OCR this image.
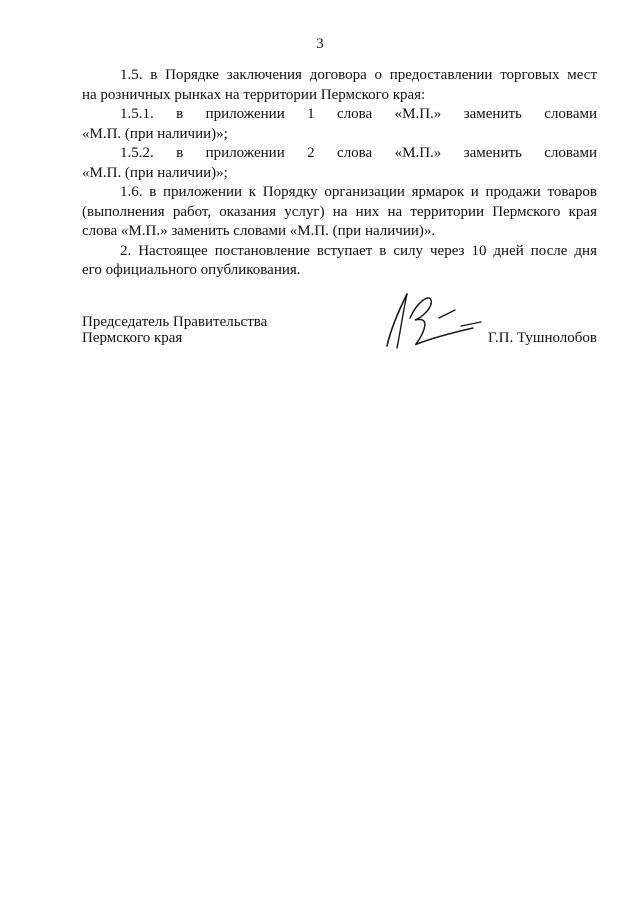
3

1.5. в Порядке заключения договора о предоставлении торговых мест

на розничных рынках на территории Пермского края:

1.5.1. в приложении 1 слова «М.П.» заменить словами

«М.П. (при наличии)»;

1.5.2. в приложении 2 слова «М.П.» заменить словами

«М.П. (при наличии)»;

1.6. в приложении к Порядку организации ярмарок и продажи товаров

(выполнения работ, оказания услуг) на них на территории Пермского края

слова «М.П.» заменить словами «М.П. (при наличии)».

2. Настоящее постановление вступает в силу через 10 дней после дня

его официального опубликования.

Председатель Правительства
Пермского края	Г.П. Тушнолобов
